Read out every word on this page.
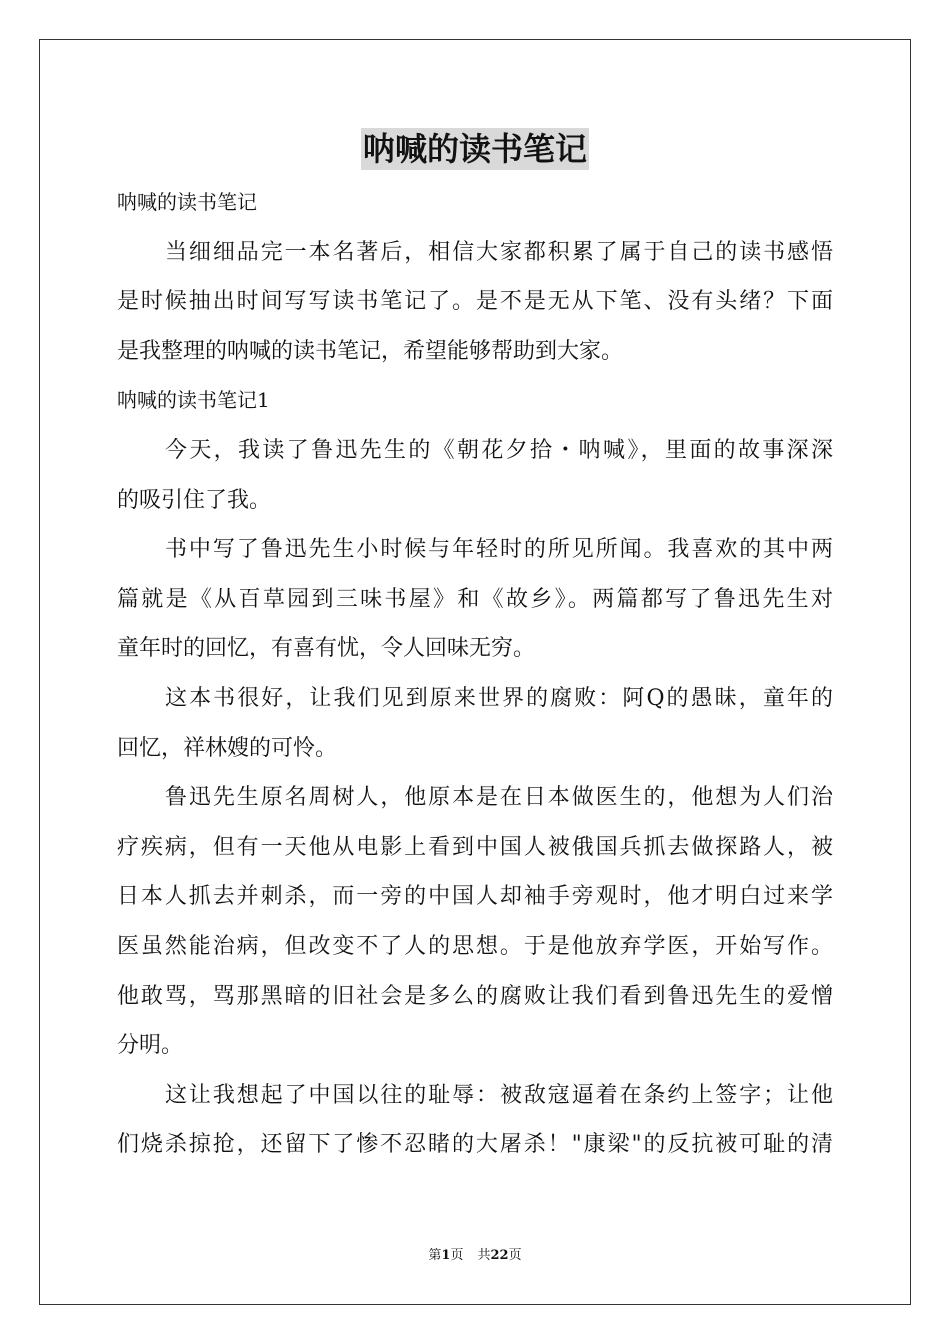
呐喊的读书笔记
呐喊的读书笔记
当细细品完一本名著后，相信大家都积累了属于自己的读书感悟
是时候抽出时间写写读书笔记了。是不是无从下笔、没有头绪？下面
是我整理的呐喊的读书笔记，希望能够帮助到大家。
呐喊的读书笔记1
今天，我读了鲁迅先生的《朝花夕拾・呐喊》，里面的故事深深
的吸引住了我。
书中写了鲁迅先生小时候与年轻时的所见所闻。我喜欢的其中两
篇就是《从百草园到三味书屋》和《故乡》。两篇都写了鲁迅先生对
童年时的回忆，有喜有忧，令人回味无穷。
这本书很好，让我们见到原来世界的腐败：阿Q的愚昧，童年的
回忆，祥林嫂的可怜。
鲁迅先生原名周树人，他原本是在日本做医生的，他想为人们治
疗疾病，但有一天他从电影上看到中国人被俄国兵抓去做探路人，被
日本人抓去并刺杀，而一旁的中国人却袖手旁观时，他才明白过来学
医虽然能治病，但改变不了人的思想。于是他放弃学医，开始写作。
他敢骂，骂那黑暗的旧社会是多么的腐败让我们看到鲁迅先生的爱憎
分明。
这让我想起了中国以往的耻辱：被敌寇逼着在条约上签字；让他
们烧杀掠抢，还留下了惨不忍睹的大屠杀！"康梁"的反抗被可耻的清
第1页 共22页
